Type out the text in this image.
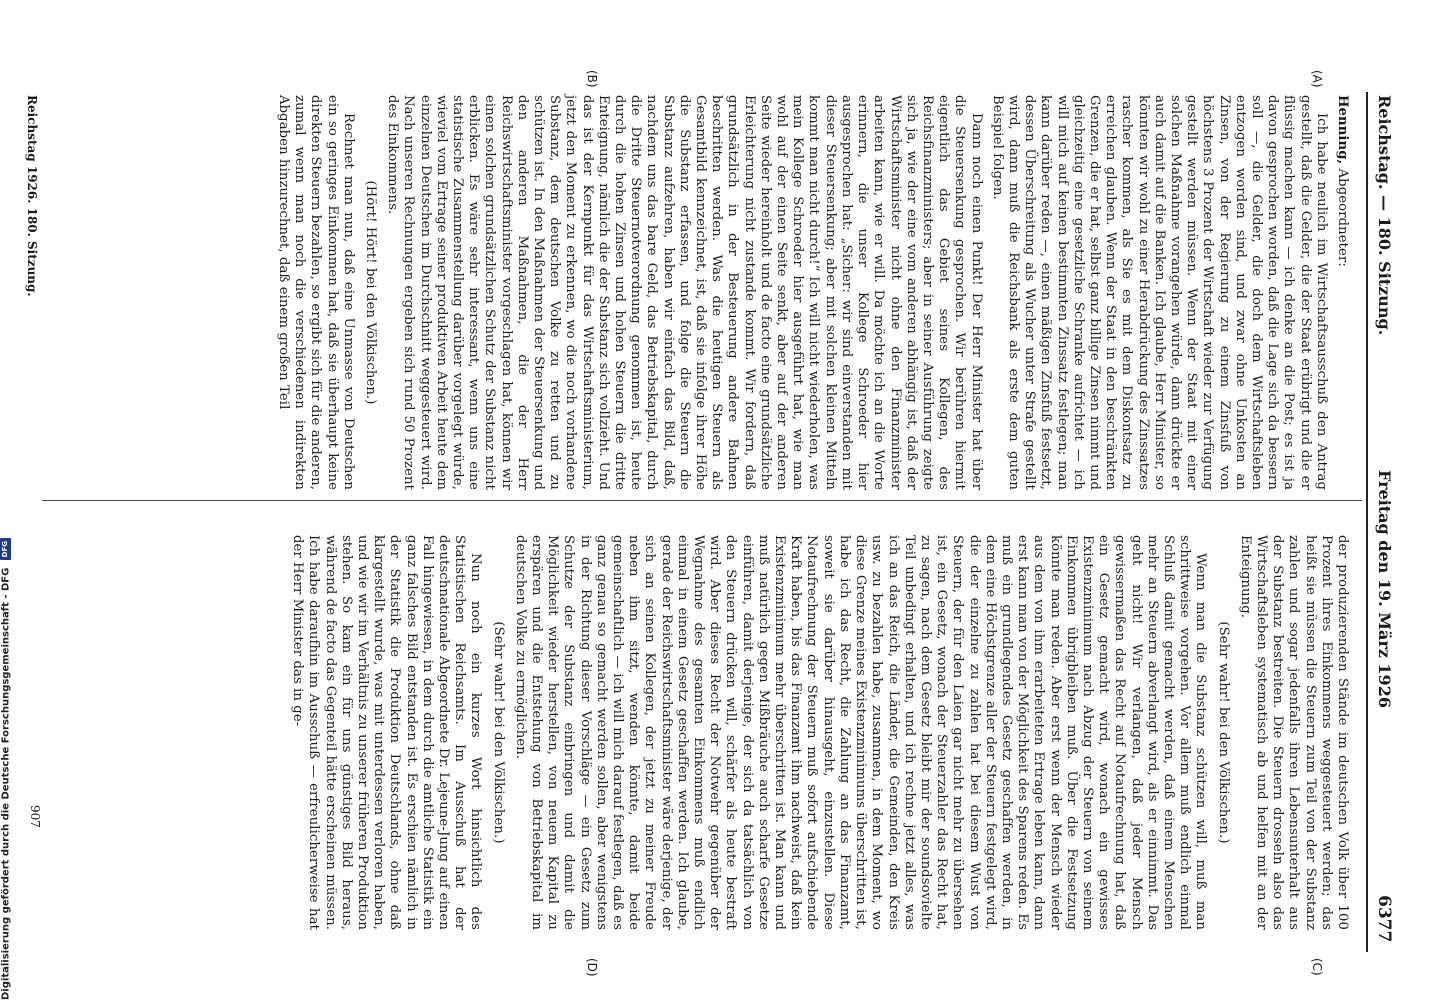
Reichstag. — 180. Sitzung.
Freitag den 19. März 1926
6377
(A)
(B)
(C)
(D)

Henning, Abgeordneter:

Ich habe neulich im Wirtschaftsausschuß den Antrag gestellt, daß die Gelder, die der Staat erübrigt und die er flüssig machen kann — ich denke an die Post; es ist ja davon gesprochen worden, daß die Lage sich da bessern soll —, die Gelder, die doch dem Wirtschaftsleben entzogen worden sind, und zwar ohne Unkosten an Zinsen, von der Regierung zu einem Zinsfuß von höchstens 3 Prozent der Wirtschaft wieder zur Verfügung gestellt werden müssen. Wenn der Staat mit einer solchen Maßnahme vorangehen würde, dann drückte er auch damit auf die Banken. Ich glaube, Herr Minister, so könnten wir wohl zu einer Herabdrückung des Zinssatzes rascher kommen, als Sie es mit dem Diskontsatz zu erreichen glauben. Wenn der Staat in den beschränkten Grenzen, die er hat, selbst ganz billige Zinsen nimmt und gleichzeitig eine gesetzliche Schranke aufrichtet — ich will mich auf keinen bestimmten Zinssatz festlegen; man kann darüber reden —, einen mäßigen Zinsfuß festsetzt, dessen Überschreitung als Wucher unter Strafe gestellt wird, dann muß die Reichsbank als erste dem guten Beispiel folgen.

Dann noch einen Punkt! Der Herr Minister hat über die Steuersenkung gesprochen. Wir berühren hiermit eigentlich das Gebiet seines Kollegen, des Reichsfinanzministers; aber in seiner Ausführung zeigte sich ja, wie der eine vom anderen abhängig ist, daß der Wirtschaftsminister nicht ohne den Finanzminister arbeiten kann, wie er will. Da möchte ich an die Worte erinnern, die unser Kollege Schroeder hier ausgesprochen hat: „Sicher: wir sind einverstanden mit dieser Steuersenkung; aber mit solchen kleinen Mitteln kommt man nicht durch!“ Ich will nicht wiederholen, was mein Kollege Schroeder hier ausgeführt hat, wie man wohl auf der einen Seite senkt, aber auf der anderen Seite wieder hereinholt und de facto eine grundsätzliche Erleichterung nicht zustande kommt. Wir fordern, daß grundsätzlich in der Besteuerung andere Bahnen beschritten werden. Was die heutigen Steuern als Gesamtbild kennzeichnet, ist, daß sie infolge ihrer Höhe die Substanz erfassen, und folge die Steuern die Substanz aufzehren, haben wir einfach das Bild, daß, nachdem uns das bare Geld, das Betriebskapital, durch die Dritte Steuernotverordnung genommen ist, heute durch die hohen Zinsen und hohen Steuern die dritte Enteignung, nämlich die der Substanz sich vollzieht. Und das ist der Kernpunkt für das Wirtschaftsministerium, jetzt den Moment zu erkennen, wo die noch vorhandene Substanz, dem deutschen Volke zu retten und zu schützen ist. In den Maßnahmen der Steuersenkung und den anderen Maßnahmen, die der Herr Reichswirtschaftsminister vorgeschlagen hat, können wir einen solchen grundsätzlichen Schutz der Substanz nicht erblicken. Es wäre sehr interessant, wenn uns eine statistische Zusammenstellung darüber vorgelegt würde, wieviel vom Ertrage seiner produktiven Arbeit heute dem einzelnen Deutschen im Durchschnitt weggesteuert wird. Nach unseren Rechnungen ergeben sich rund 50 Prozent des Einkommens.

(Hört! Hört! bei den Völkischen.)

Rechnet man nun, daß eine Unmasse von Deutschen ein so geringes Einkommen hat, daß sie überhaupt keine direkten Steuern bezahlen, so ergibt sich für die anderen, zumal wenn man noch die verschiedenen indirekten Abgaben hinzurechnet, daß einem großen Teil

der produzierenden Stände im deutschen Volk über 100 Prozent ihres Einkommens weggesteuert werden; das heißt sie müssen die Steuern zum Teil von der Substanz zahlen und sogar jedenfalls ihren Lebensunterhalt aus der Substanz bestreiten. Die Steuern drosseln also das Wirtschaftsleben systematisch ab und helfen mit an der Enteignung.

(Sehr wahr! bei den Völkischen.)

Wenn man die Substanz schützen will, muß man schrittweise vorgehen. Vor allem muß endlich einmal Schluß damit gemacht werden, daß einem Menschen mehr an Steuern abverlangt wird, als er einnimmt. Das geht nicht! Wir verlangen, daß jeder Mensch gewissermaßen das Recht auf Notaufrechnung hat, daß ein Gesetz gemacht wird, wonach ein gewisses Existenzminimum nach Abzug der Steuern von seinem Einkommen übrigbleiben muß. Über die Festsetzung könnte man reden. Aber erst wenn der Mensch wieder aus dem von ihm erarbeiteten Ertrage leben kann, dann erst kann man von der Möglichkeit des Sparens reden. Es muß ein grundlegendes Gesetz geschaffen werden, in dem eine Höchstgrenze aller der Steuern festgelegt wird, die der einzelne zu zahlen hat bei diesem Wust von Steuern, der für den Laien gar nicht mehr zu übersehen ist, ein Gesetz, wonach der Steuerzahler das Recht hat, zu sagen, nach dem Gesetz bleibt mir der soundsovielte Teil unbedingt erhalten, und ich rechne jetzt alles, was ich an das Reich, die Länder, die Gemeinden, den Kreis usw. zu bezahlen habe, zusammen, in dem Moment, wo diese Grenze meines Existenzminimums überschritten ist, habe ich das Recht, die Zahlung an das Finanzamt, soweit sie darüber hinausgeht, einzustellen. Diese Notaufrechnung der Steuern muß sofort aufschiebende Kraft haben, bis das Finanzamt ihm nachweist, daß kein Existenzminimum mehr überschritten ist. Man kann und muß natürlich gegen Mißbräuche auch scharfe Gesetze einführen, damit derjenige, der sich da tatsächlich von den Steuern drücken will, schärfer als heute bestraft wird. Aber dieses Recht der Notwehr gegenüber der Wegnahme des gesamten Einkommens muß endlich einmal in einem Gesetz geschaffen werden. Ich glaube, gerade der Reichswirtschaftsminister wäre derjenige, der sich an seinen Kollegen, der jetzt zu meiner Freude neben ihm sitzt, wenden könnte, damit beide gemeinschaftlich — ich will mich darauf festlegen, daß es ganz genau so gemacht werden sollen, aber wenigstens in der Richtung dieser Vorschläge — ein Gesetz zum Schutze der Substanz einbringen und damit die Möglichkeit wieder herstellen, von neuem Kapital zu erspären und die Entstehung von Betriebskapital im deutschen Volke zu ermöglichen.

(Sehr wahr! bei den Völkischen.)

Nun noch ein kurzes Wort hinsichtlich des Statistischen Reichsamts. Im Ausschuß hat der deutschnationale Abgeordnete Dr. Lejeune-Jung auf einen Fall hingewiesen, in dem durch die amtliche Statistik ein ganz falsches Bild entstanden ist. Es erschien nämlich in der Statistik die Produktion Deutschlands, ohne daß klargestellt wurde, was mit unterdessen verloren haben, und wie wir im Verhältnis zu unserer früheren Produktion stehen. So kam ein für uns günstiges Bild heraus, während de facto das Gegenteil hätte erscheinen müssen. Ich habe daraufhin im Ausschuß — erfreulicherweise hat der Herr Minister das in ge-

Reichstag 1926. 180. Sitzung.
907
Digitalisierung gefördert durch die Deutsche Forschungsgemeinschaft - DFG DFG
